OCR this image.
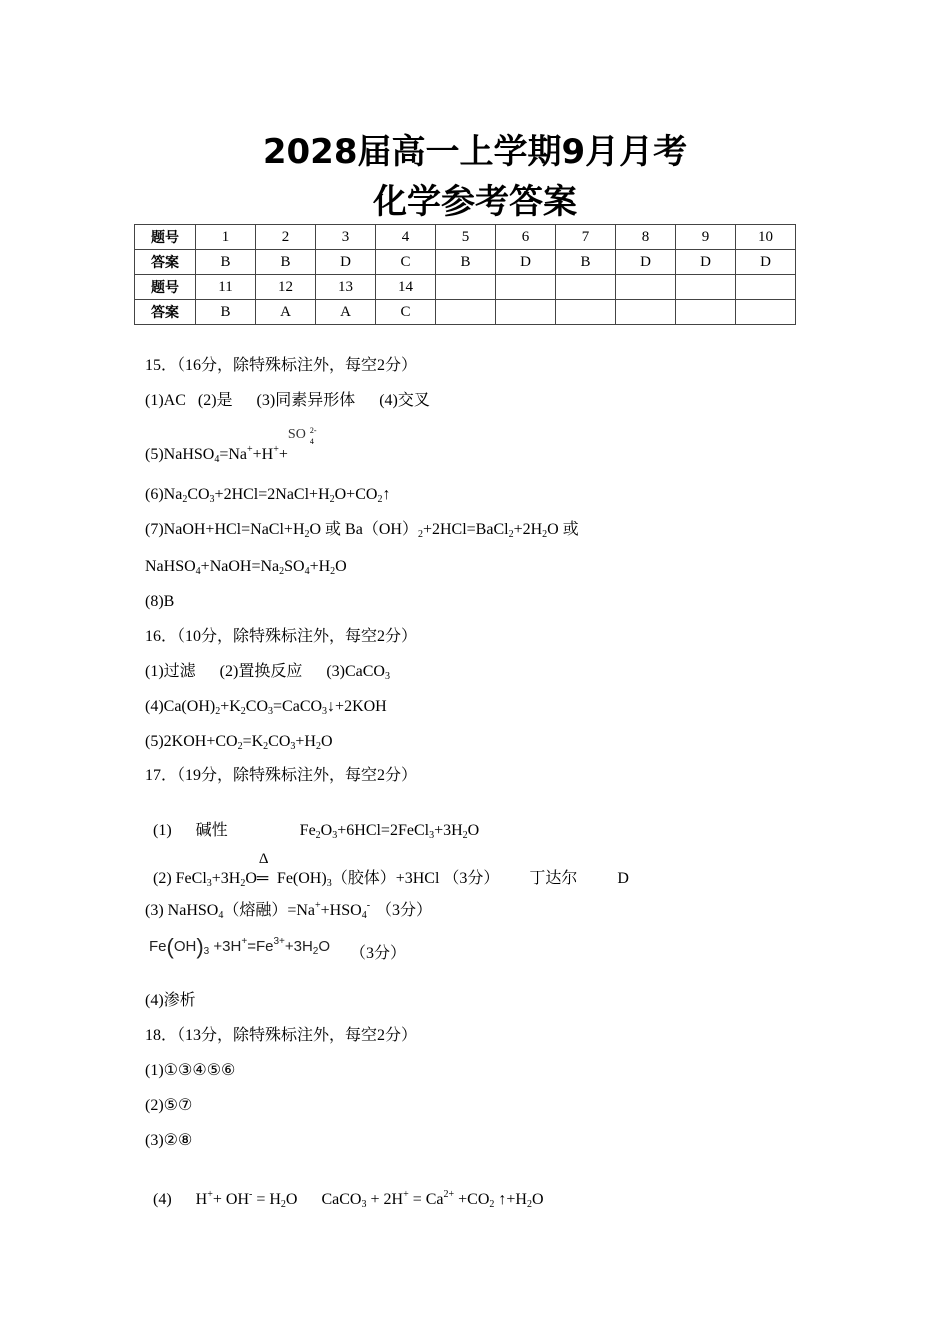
2028届高一上学期9月月考
化学参考答案
题号	1	2	3	4	5	6	7	8	9	10
答案	B	B	D	C	B	D	B	D	D	D
题号	11	12	13	14						
答案	B	A	A	C						
15．（16分，除特殊标注外，每空2分）
(1)AC   (2)是      (3)同素异形体      (4)交叉
(5)NaHSO$_4$=Na++H++
SO 2-
4
$(6)Na_2CO_3+2HCl=2NaCl+H_2O+CO_2↑$
$(7)NaOH+HCl=NaCl+H_2O$ 或 $Ba(OH)_2+2HCl=BaCl_2+2H_2O$ 或
$NaHSO_4+NaOH=Na_2SO_4+H_2O$
(8)B
16．（10分，除特殊标注外，每空2分）
(1)过滤      (2)置换反应      (3)CaCO$_3$
$(4)Ca(OH)_2+K_2CO_3=CaCO_3↓+2KOH$
$(5)2KOH+CO_2=K_2CO_3+H_2O$
17．（19分，除特殊标注外，每空2分）

(1)      碱性	$Fe_2O_3+6HCl=2FeCl_3+3H_2O$

(2) $FeCl_3+3H_2O$
Δ
═ $Fe(OH)_3$（胶体）+3HCl （3分） 丁达尔	D

(3) NaHSO$_4$（熔融）$=Na^++HSO_4^-$ （3分）
$Fe(OH)_3 +3H^+=Fe^{3+}+3H_2O$ （3分）
(4)渗析
18．（13分，除特殊标注外，每空2分）
(1)①③④⑤⑥
(2)⑤⑦
(3)②⑧

(4)      $H^++ OH^- = H_2O$      CaCO$_3$ + $2H^+ = Ca^{2+} +CO_2$ $↑+H_2O$
